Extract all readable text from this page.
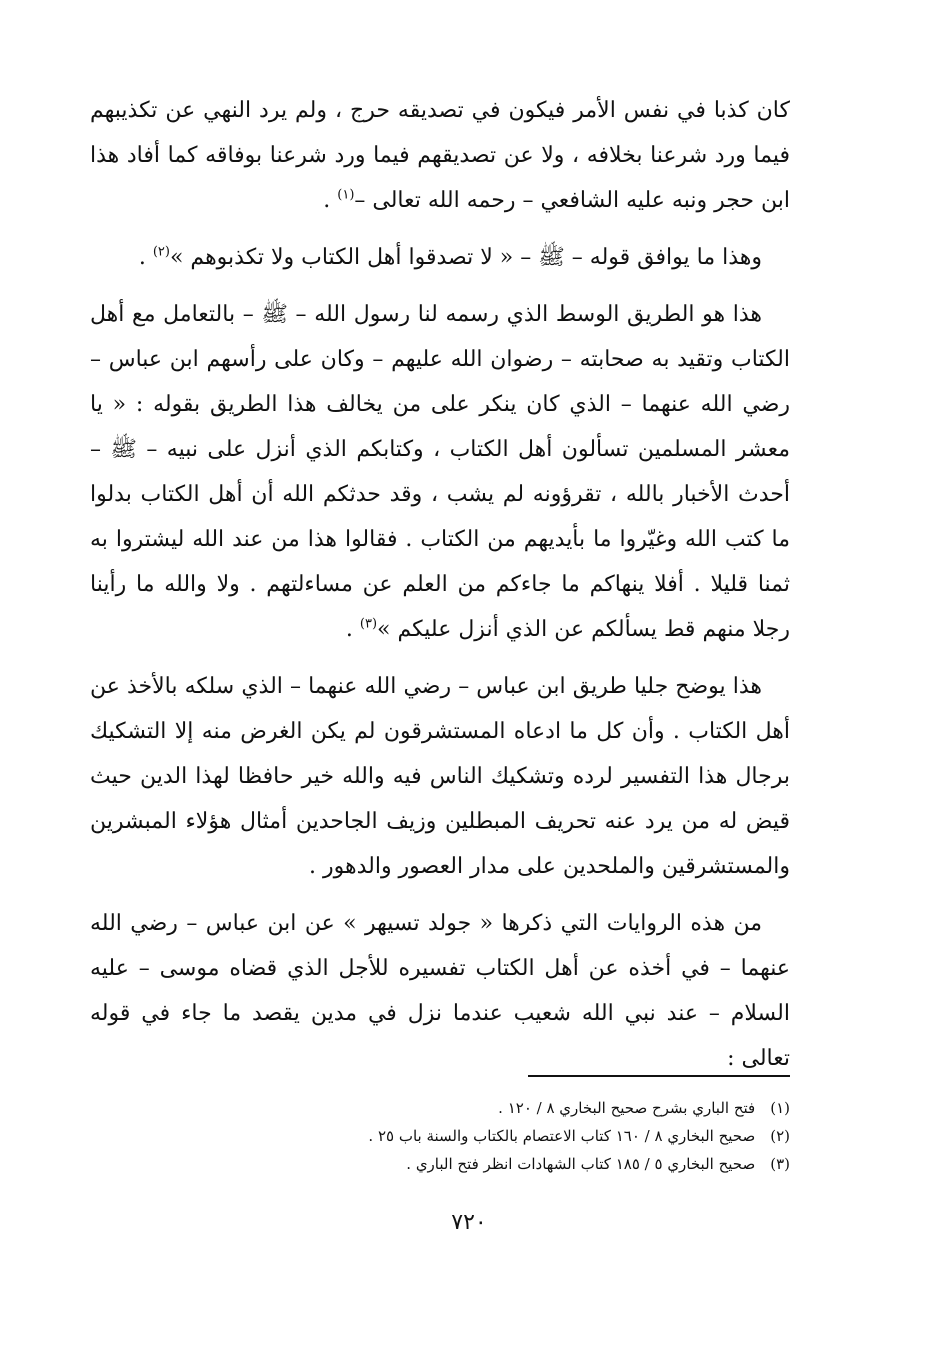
كان كذبا في نفس الأمر فيكون في تصديقه حرج ، ولم يرد النهي عن تكذيبهم فيما ورد شرعنا بخلافه ، ولا عن تصديقهم فيما ورد شرعنا بوفاقه كما أفاد هذا ابن حجر ونبه عليه الشافعي – رحمه الله تعالى –$^{(١)}$ .

وهذا ما يوافق قوله – ﷺ – « لا تصدقوا أهل الكتاب ولا تكذبوهم »$^{(٢)}$ .

هذا هو الطريق الوسط الذي رسمه لنا رسول الله – ﷺ – بالتعامل مع أهل الكتاب وتقيد به صحابته – رضوان الله عليهم – وكان على رأسهم ابن عباس – رضي الله عنهما – الذي كان ينكر على من يخالف هذا الطريق بقوله : « يا معشر المسلمين تسألون أهل الكتاب ، وكتابكم الذي أنزل على نبيه – ﷺ – أحدث الأخبار بالله ، تقرؤونه لم يشب ، وقد حدثكم الله أن أهل الكتاب بدلوا ما كتب الله وغيّروا ما بأيديهم من الكتاب . فقالوا هذا من عند الله ليشتروا به ثمنا قليلا . أفلا ينهاكم ما جاءكم من العلم عن مساءلتهم . ولا والله ما رأينا رجلا منهم قط يسألكم عن الذي أنزل عليكم »$^{(٣)}$ .

هذا يوضح جليا طريق ابن عباس – رضي الله عنهما – الذي سلكه بالأخذ عن أهل الكتاب . وأن كل ما ادعاه المستشرقون لم يكن الغرض منه إلا التشكيك برجال هذا التفسير لرده وتشكيك الناس فيه والله خير حافظا لهذا الدين حيث قيض له من يرد عنه تحريف المبطلين وزيف الجاحدين أمثال هؤلاء المبشرين والمستشرقين والملحدين على مدار العصور والدهور .

من هذه الروايات التي ذكرها « جولد تسيهر » عن ابن عباس – رضي الله عنهما – في أخذه عن أهل الكتاب تفسيره للأجل الذي قضاه موسى – عليه السلام – عند نبي الله شعيب عندما نزل في مدين يقصد ما جاء في قوله تعالى :

(١) فتح الباري بشرح صحيح البخاري ٨ / ١٢٠ .

(٢) صحيح البخاري ٨ / ١٦٠ كتاب الاعتصام بالكتاب والسنة باب ٢٥ .

(٣) صحيح البخاري ٥ / ١٨٥ كتاب الشهادات انظر فتح الباري .

٧٢٠
